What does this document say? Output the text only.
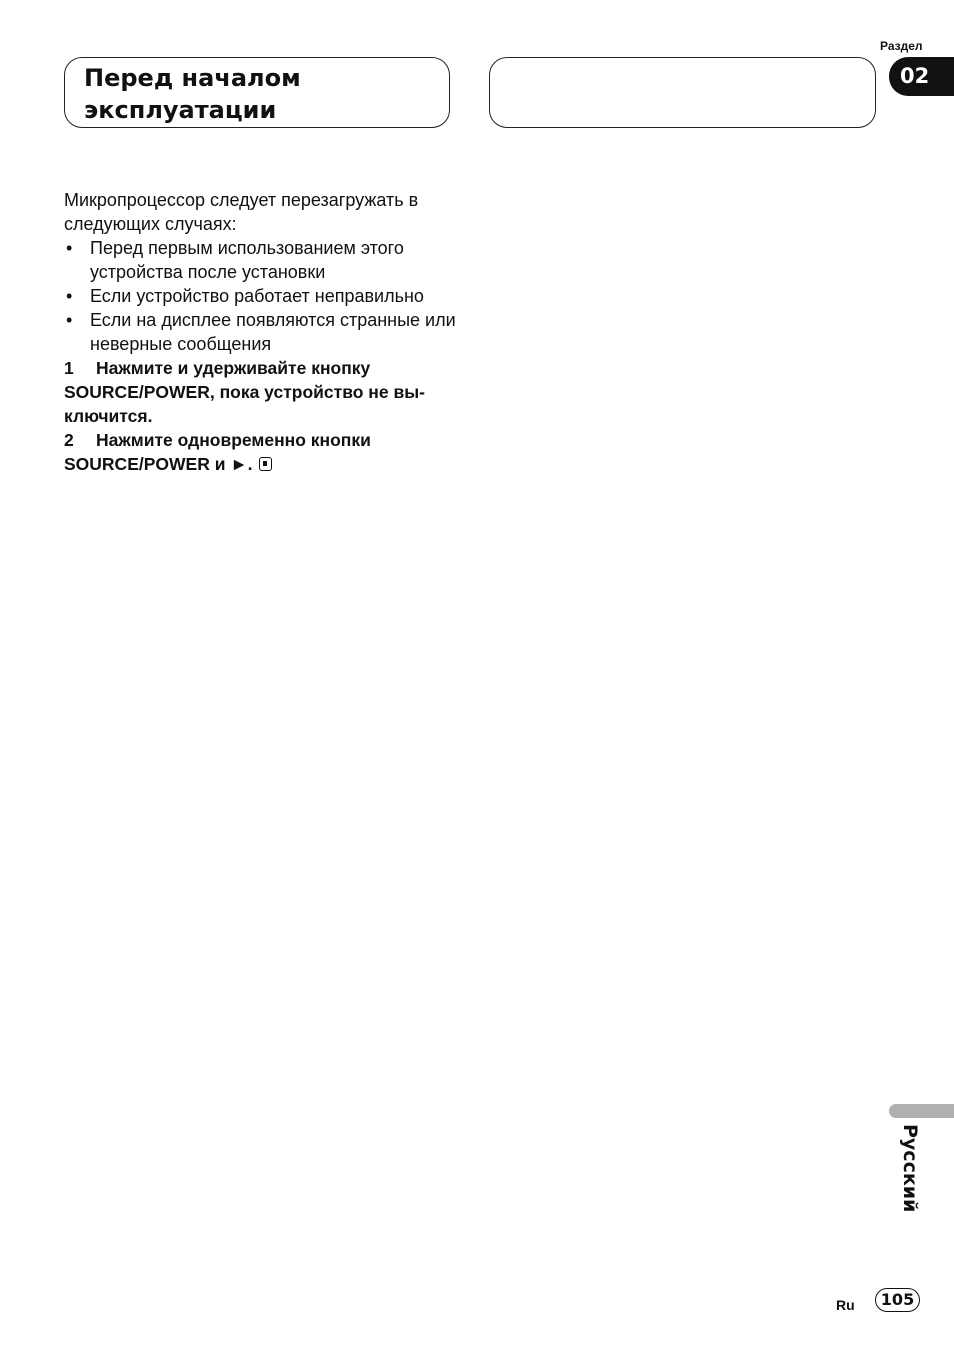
Перед началом
эксплуатации
Раздел
02

Микропроцессор следует перезагружать в следующих случаях:

• Перед первым использованием этого устройства после установки
• Если устройство работает неправильно
• Если на дисплее появляются странные или неверные сообщения

1 Нажмите и удерживайте кнопку SOURCE/POWER, пока устройство не вы-ключится.

2 Нажмите одновременно кнопки SOURCE/POWER и ►.

Русский
Ru	105
